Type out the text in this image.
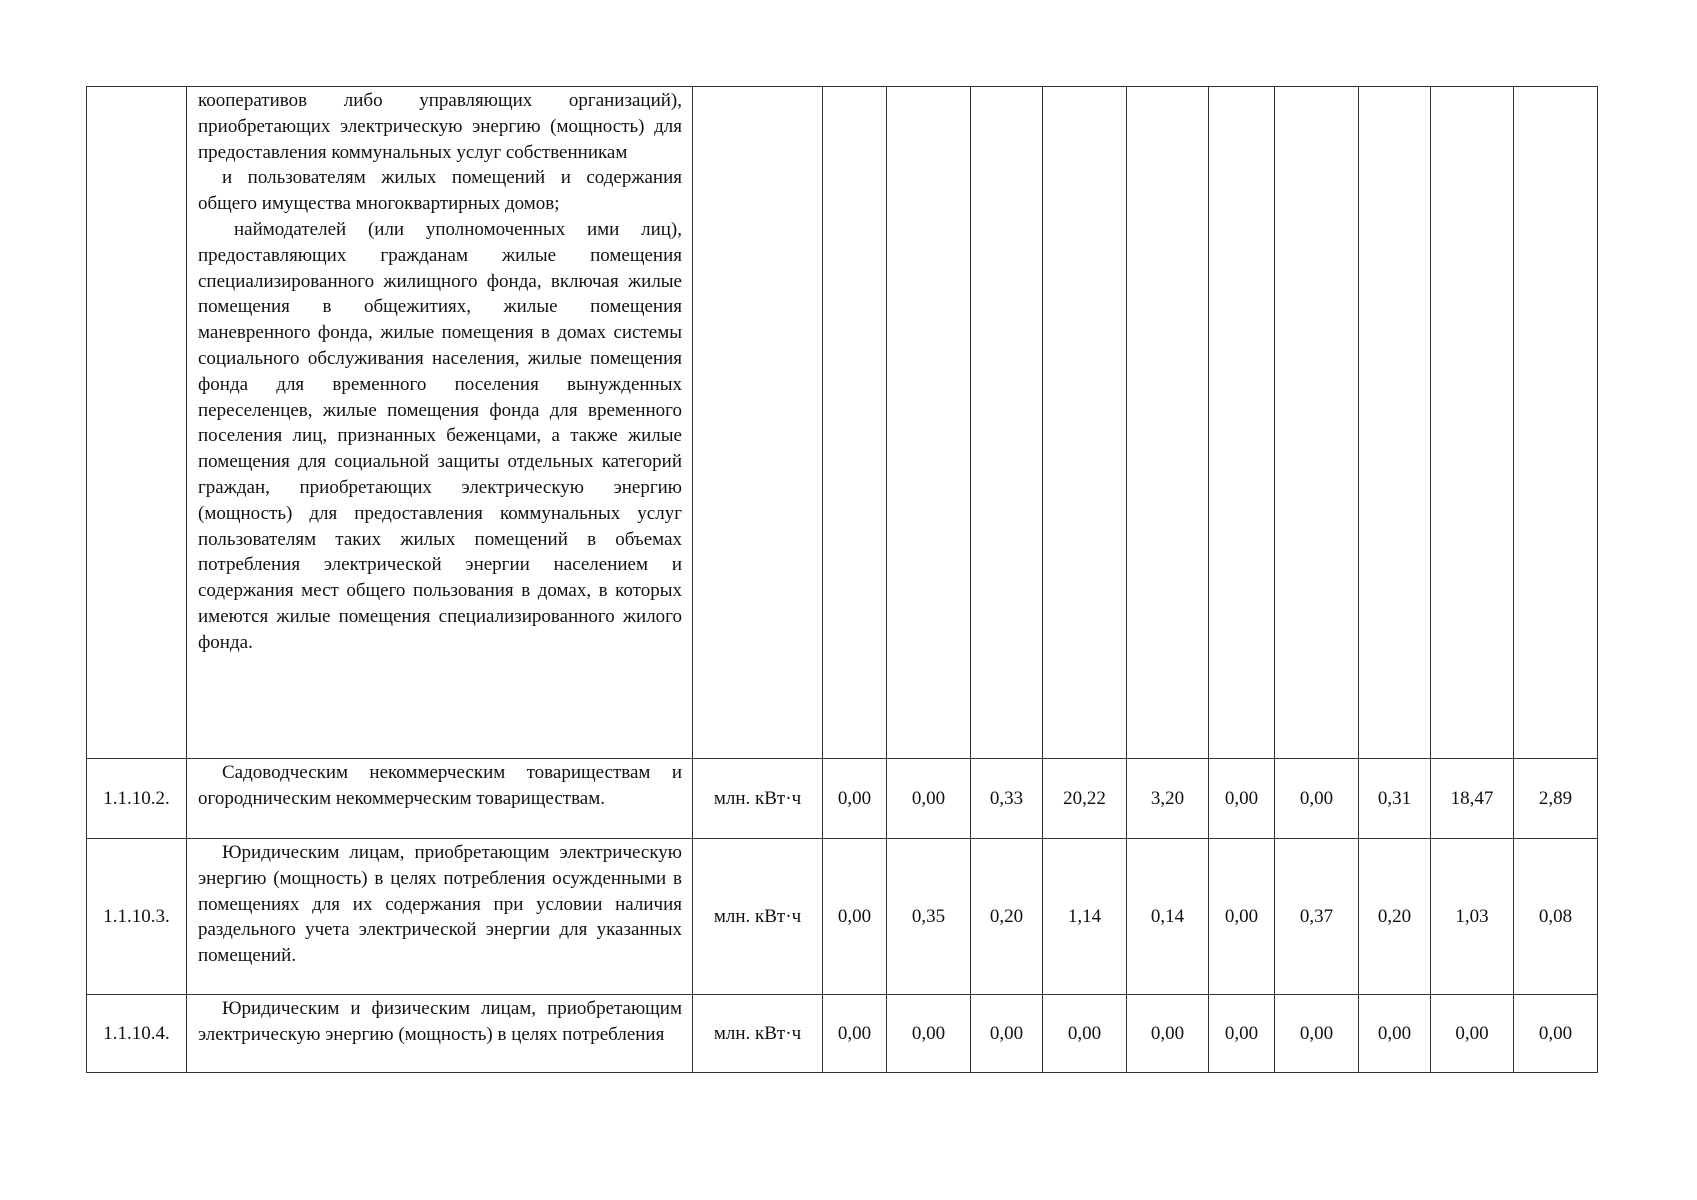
	кооперативов либо управляющих организаций), приобретающих электрическую энергию (мощность) для предоставления коммунальных услуг собственникам

и пользователям жилых помещений и содержания общего имущества многоквартирных домов;

наймодателей (или уполномоченных ими лиц), предоставляющих гражданам жилые помещения специализированного жилищного фонда, включая жилые помещения в общежитиях, жилые помещения маневренного фонда, жилые помещения в домах системы социального обслуживания населения, жилые помещения фонда для временного поселения вынужденных переселенцев, жилые помещения фонда для временного поселения лиц, признанных беженцами, а также жилые помещения для социальной защиты отдельных категорий граждан, приобретающих электрическую энергию (мощность) для предоставления коммунальных услуг пользователям таких жилых помещений в объемах потребления электрической энергии населением и содержания мест общего пользования в домах, в которых имеются жилые помещения специализированного жилого фонда.											

1.1.10.2.	Садоводческим некоммерческим товариществам и огородническим некоммерческим товариществам.	млн. кВт·ч	0,00	0,00	0,33	20,22	3,20	0,00	0,00	0,31	18,47	2,89
1.1.10.3.	Юридическим лицам, приобретающим электрическую энергию (мощность) в целях потребления осужденными в помещениях для их содержания при условии наличия раздельного учета электрической энергии для указанных помещений.	млн. кВт·ч	0,00	0,35	0,20	1,14	0,14	0,00	0,37	0,20	1,03	0,08
1.1.10.4.	Юридическим и физическим лицам, приобретающим электрическую энергию (мощность) в целях потребления	млн. кВт·ч	0,00	0,00	0,00	0,00	0,00	0,00	0,00	0,00	0,00	0,00
